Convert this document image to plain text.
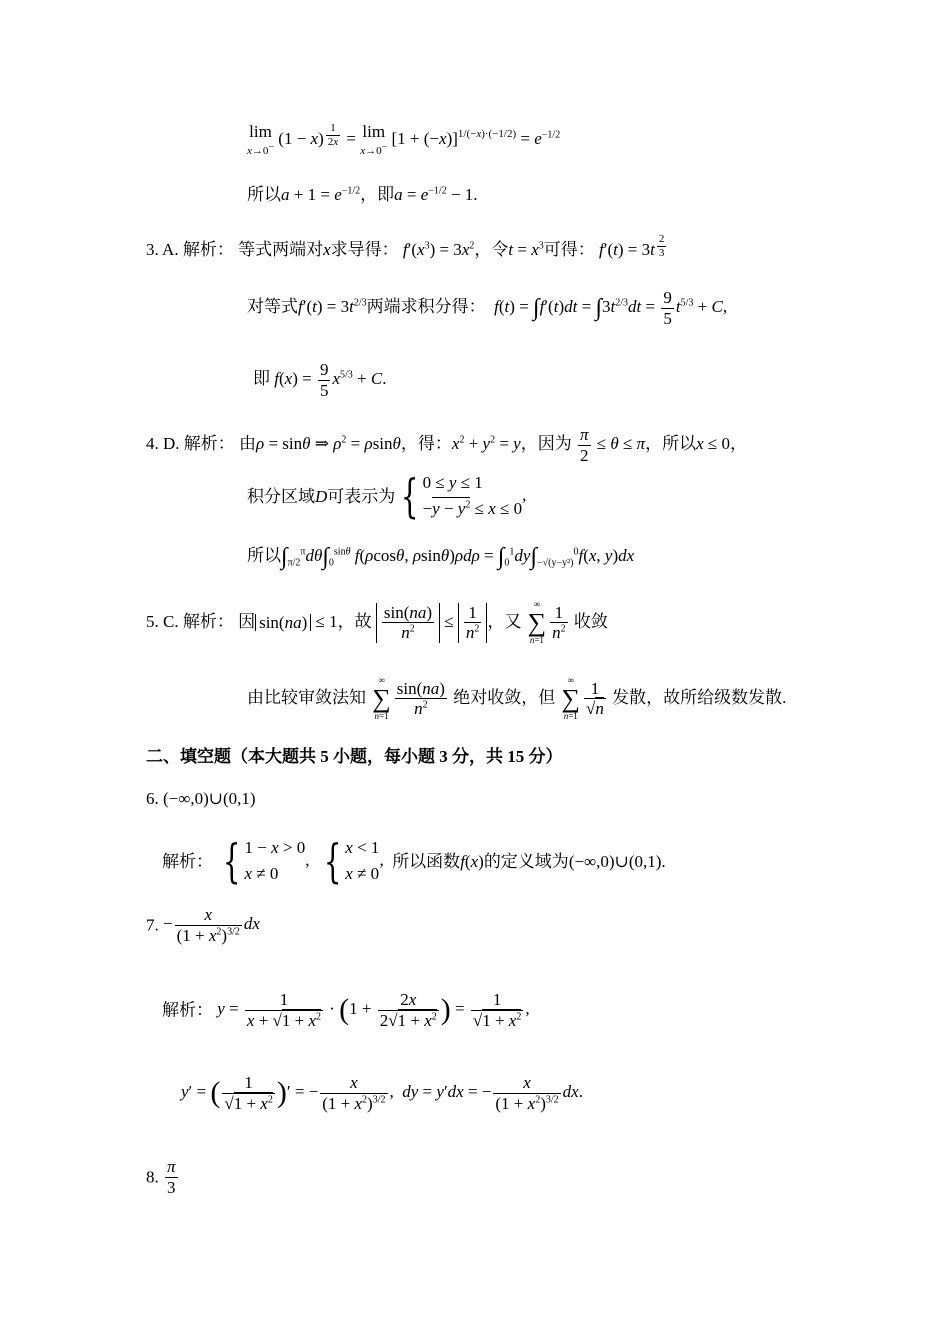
lim
x→0− (1 − x) $^{\frac{1}{2x}}$ = lim
x→0− $[1 + (-x)]^{1/(-x)\cdot(-1/2)} = e^{-1/2}$
所以$a + 1 = e^{-1/2}$，即$a = e^{-1/2} - 1$.
3. A. 解析： 等式两端对x求导得： $f'(x^3) = 3x^2$，令$t = x^3$可得： f′(t) = 3t $^{\frac{2}{3}}$
对等式$f'(t) = 3t^{2/3}$两端求积分得： $f(t) = \int f'(t)dt = \int 3t^{2/3}dt = \frac{9}{5} t^{5/3} + C$,
即 $f(x) = \frac{9}{5} x^{5/3} + C$.
4. D. 解析： 由ρ = sinθ ⇒ $\rho^2 = \rho\sin\theta$，得：$x^2 + y^2 = y$，因为 $\frac{\pi}{2} \le \theta \le \pi$，所以x ≤ 0，
积分区域D可表示为 { 0 ≤ y ≤ 1
$-y - y^2 \le x \le 0$,
所以$\int_{\pi/2}^\pi d\theta\int_0^{sin\theta}$ f(ρcosθ, $\rho\sin\theta)\rho d\rho = \int_0^1dy\int_{-√(y-y^2)}^0f(x$, y)dx
5. C. 解析： 因 sin(na) ≤ 1，故 $\frac{\sin(na)}{n^2} \le \frac{1}{n^2}$ ，又
∞
∑
$n=1 \frac{1}{n^2}$ 收敛
由比较审敛法知
∞
∑
$n=1 \frac{\sin(na)}{n^2}$ 绝对收敛，但
∞
∑
$n=1 \frac{1}{√n}$ 发散，故所给级数发散.
二、填空题（本大题共 5 小题，每小题 3 分，共 15 分）
6. (−∞,0)∪(0,1)
解析： { 1 − x > 0
x ≠ 0,  { x < 1
x ≠ 0,  所以函数f(x)的定义域为(−∞,0)∪(0,1).
7. − $\frac{x}{(1 + x^2)^{3/2}}$ dx
解析： $y = \frac{1}{x + √1 + x^2} \cdot (1 + \frac{2x}{2√1 + x^2}$ ) = $\frac{1}{√1 + x^2}$ ,
y′ = ( $\frac{1}{√1 + x^2}$ )′ = − $\frac{x}{(1 + x^2)^{3/2}}$ ,  dy = y′dx = − $\frac{x}{(1 + x^2)^{3/2}}$ dx.
8. $\frac{\pi}{3}$
